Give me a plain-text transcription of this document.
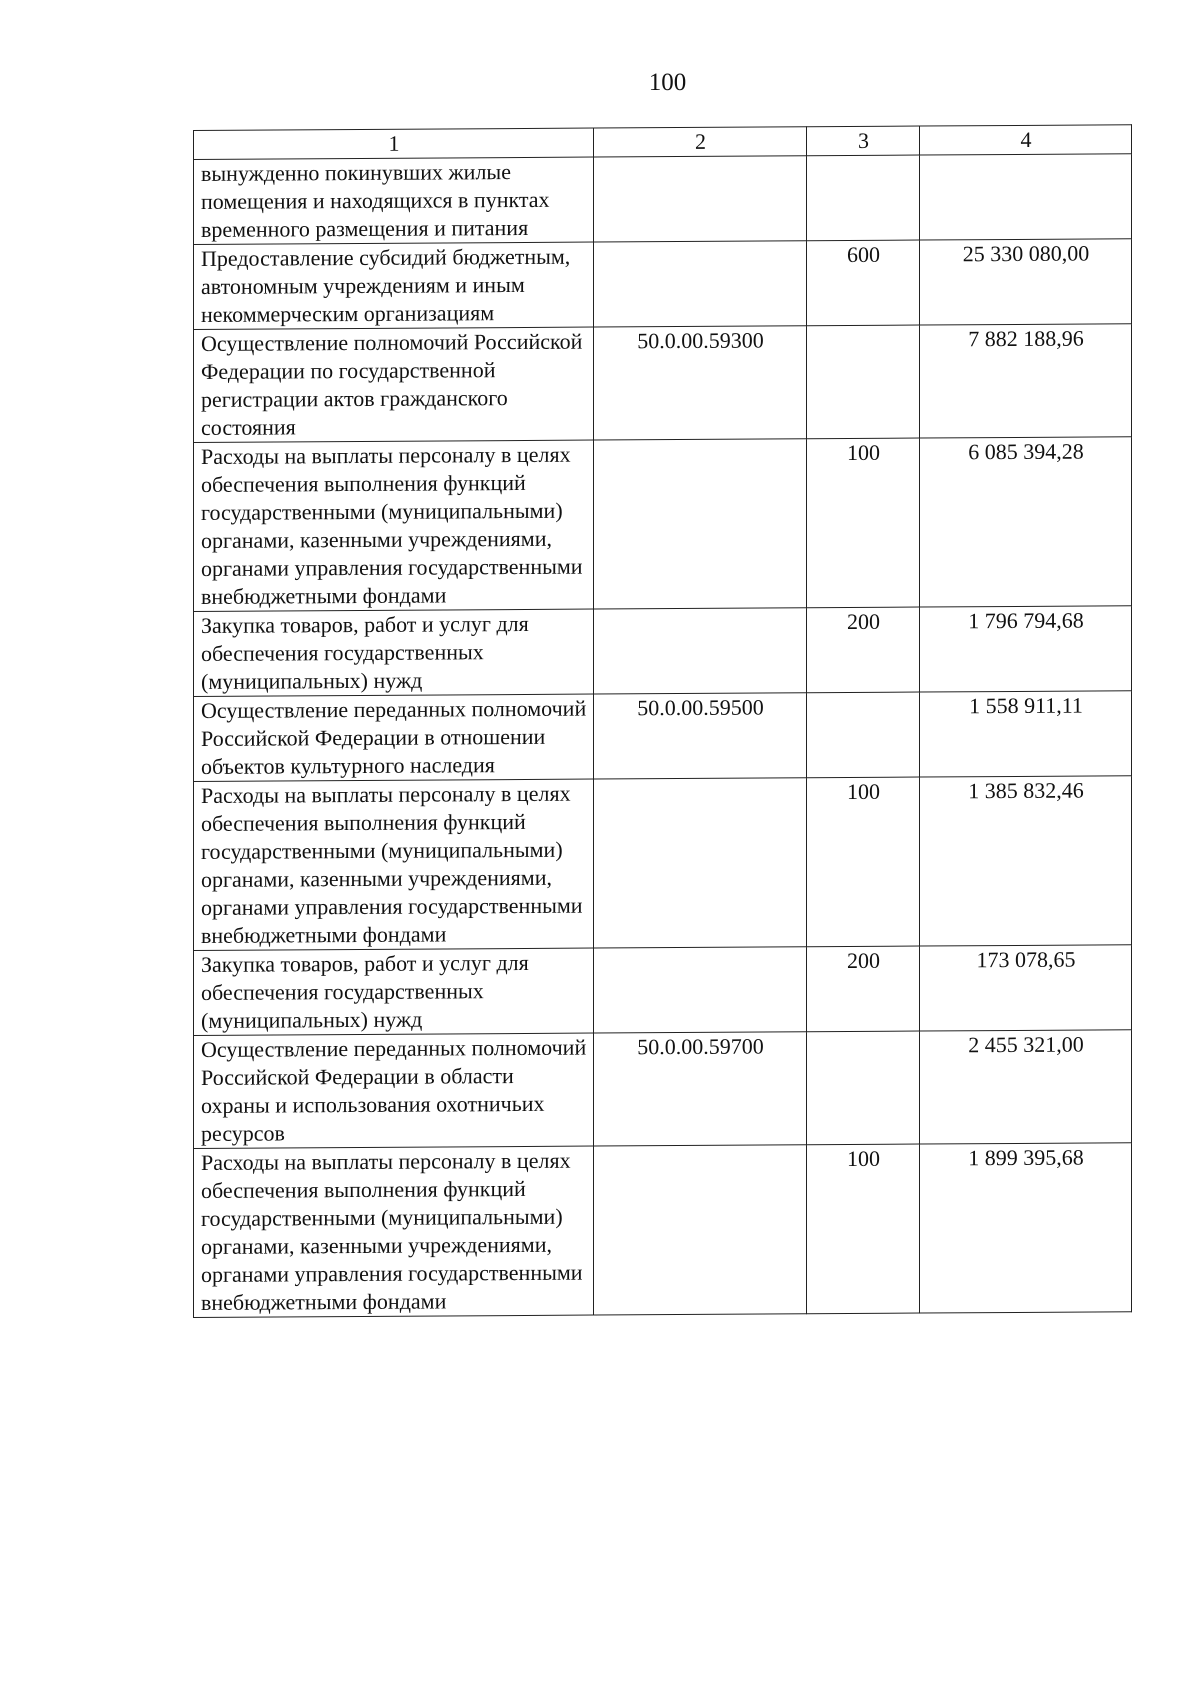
100
1	2	3	4
вынужденно покинувших жилые помещения и находящихся в пунктах временного размещения и питания			
Предоставление субсидий бюджетным, автономным учреждениям и иным некоммерческим организациям		600	25 330 080,00
Осуществление полномочий Российской Федерации по государственной регистрации актов гражданского состояния	50.0.00.59300		7 882 188,96
Расходы на выплаты персоналу в целях обеспечения выполнения функций государственными (муниципальными) органами, казенными учреждениями, органами управления государственными внебюджетными фондами		100	6 085 394,28
Закупка товаров, работ и услуг для обеспечения государственных (муниципальных) нужд		200	1 796 794,68
Осуществление переданных полномочий Российской Федерации в отношении объектов культурного наследия	50.0.00.59500		1 558 911,11
Расходы на выплаты персоналу в целях обеспечения выполнения функций государственными (муниципальными) органами, казенными учреждениями, органами управления государственными внебюджетными фондами		100	1 385 832,46
Закупка товаров, работ и услуг для обеспечения государственных (муниципальных) нужд		200	173 078,65
Осуществление переданных полномочий Российской Федерации в области охраны и использования охотничьих ресурсов	50.0.00.59700		2 455 321,00
Расходы на выплаты персоналу в целях обеспечения выполнения функций государственными (муниципальными) органами, казенными учреждениями, органами управления государственными внебюджетными фондами		100	1 899 395,68
